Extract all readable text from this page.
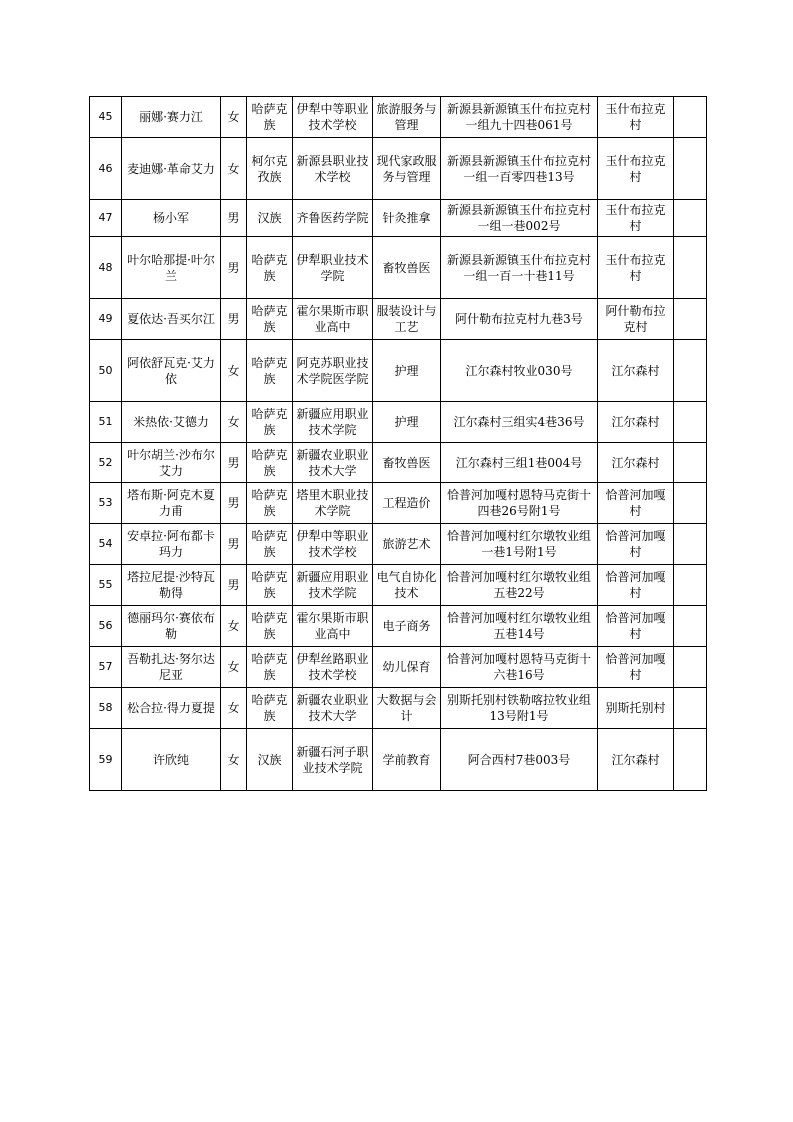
45	丽娜·赛力江	女	哈萨克族	伊犁中等职业技术学校	旅游服务与管理	新源县新源镇玉什布拉克村一组九十四巷061号	玉什布拉克村	
46	麦迪娜·革命艾力	女	柯尔克孜族	新源县职业技术学校	现代家政服务与管理	新源县新源镇玉什布拉克村一组一百零四巷13号	玉什布拉克村	
47	杨小军	男	汉族	齐鲁医药学院	针灸推拿	新源县新源镇玉什布拉克村一组一巷002号	玉什布拉克村	
48	叶尔哈那提·叶尔兰	男	哈萨克族	伊犁职业技术学院	畜牧兽医	新源县新源镇玉什布拉克村一组一百一十巷11号	玉什布拉克村	
49	夏依达·吾买尔江	男	哈萨克族	霍尔果斯市职业高中	服装设计与工艺	阿什勒布拉克村九巷3号	阿什勒布拉克村	
50	阿依舒瓦克·艾力依	女	哈萨克族	阿克苏职业技术学院医学院	护理	江尔森村牧业030号	江尔森村	
51	米热依·艾德力	女	哈萨克族	新疆应用职业技术学院	护理	江尔森村三组实4巷36号	江尔森村	
52	叶尔胡兰·沙布尔艾力	男	哈萨克族	新疆农业职业技术大学	畜牧兽医	江尔森村三组1巷004号	江尔森村	
53	塔布斯·阿克木夏力甫	男	哈萨克族	塔里木职业技术学院	工程造价	恰普河加嘎村恩特马克街十四巷26号附1号	恰普河加嘎村	
54	安卓拉·阿布都卡玛力	男	哈萨克族	伊犁中等职业技术学校	旅游艺术	恰普河加嘎村红尔墩牧业组一巷1号附1号	恰普河加嘎村	
55	塔拉尼提·沙特瓦勒得	男	哈萨克族	新疆应用职业技术学院	电气自协化技术	恰普河加嘎村红尔墩牧业组五巷22号	恰普河加嘎村	
56	德丽玛尔·赛依布勒	女	哈萨克族	霍尔果斯市职业高中	电子商务	恰普河加嘎村红尔墩牧业组五巷14号	恰普河加嘎村	
57	吾勒扎达·努尔达尼亚	女	哈萨克族	伊犁丝路职业技术学校	幼儿保育	恰普河加嘎村恩特马克街十六巷16号	恰普河加嘎村	
58	松合拉·得力夏提	女	哈萨克族	新疆农业职业技术大学	大数据与会计	别斯托别村铁勒喀拉牧业组13号附1号	别斯托别村	
59	许欣纯	女	汉族	新疆石河子职业技术学院	学前教育	阿合西村7巷003号	江尔森村	
